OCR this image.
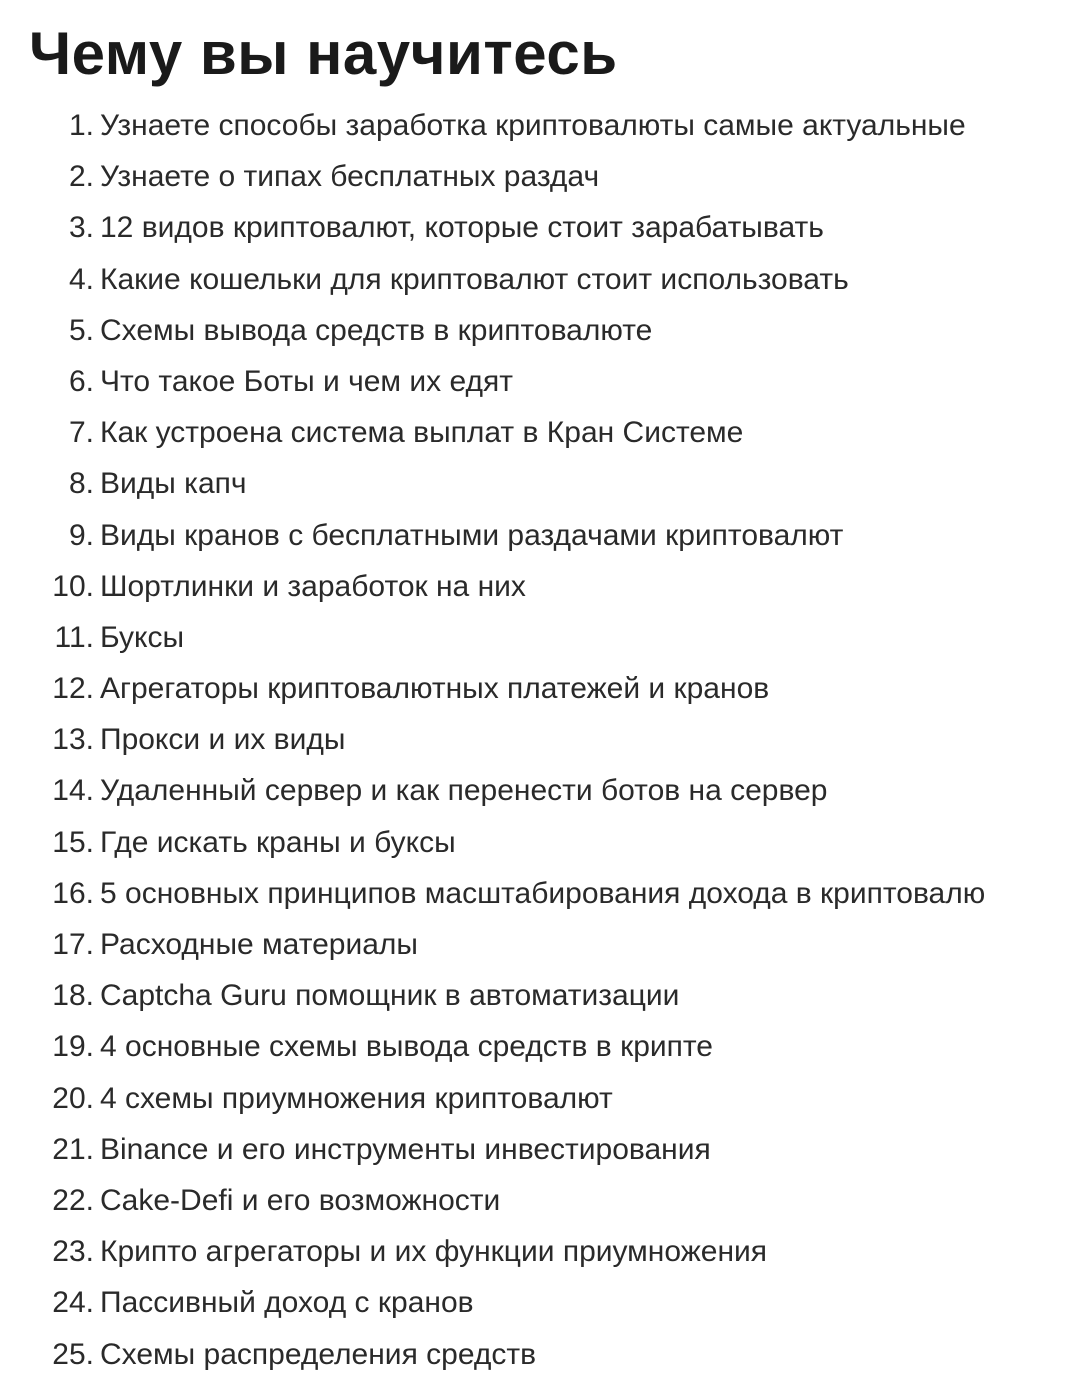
Чему вы научитесь
1. Узнаете способы заработка криптовалюты самые актуальные
2. Узнаете о типах бесплатных раздач
3. 12 видов криптовалют, которые стоит зарабатывать
4. Какие кошельки для криптовалют стоит использовать
5. Схемы вывода средств в криптовалюте
6. Что такое Боты и чем их едят
7. Как устроена система выплат в Кран Системе
8. Виды капч
9. Виды кранов с бесплатными раздачами криптовалют
10. Шортлинки и заработок на них
11. Буксы
12. Агрегаторы криптовалютных платежей и кранов
13. Прокси и их виды
14. Удаленный сервер и как перенести ботов на сервер
15. Где искать краны и буксы
16. 5 основных принципов масштабирования дохода в криптовалю
17. Расходные материалы
18. Captcha Guru помощник в автоматизации
19. 4 основные схемы вывода средств в крипте
20. 4 схемы приумножения криптовалют
21. Binance и его инструменты инвестирования
22. Cake-Defi и его возможности
23. Крипто агрегаторы и их функции приумножения
24. Пассивный доход с кранов
25. Схемы распределения средств
